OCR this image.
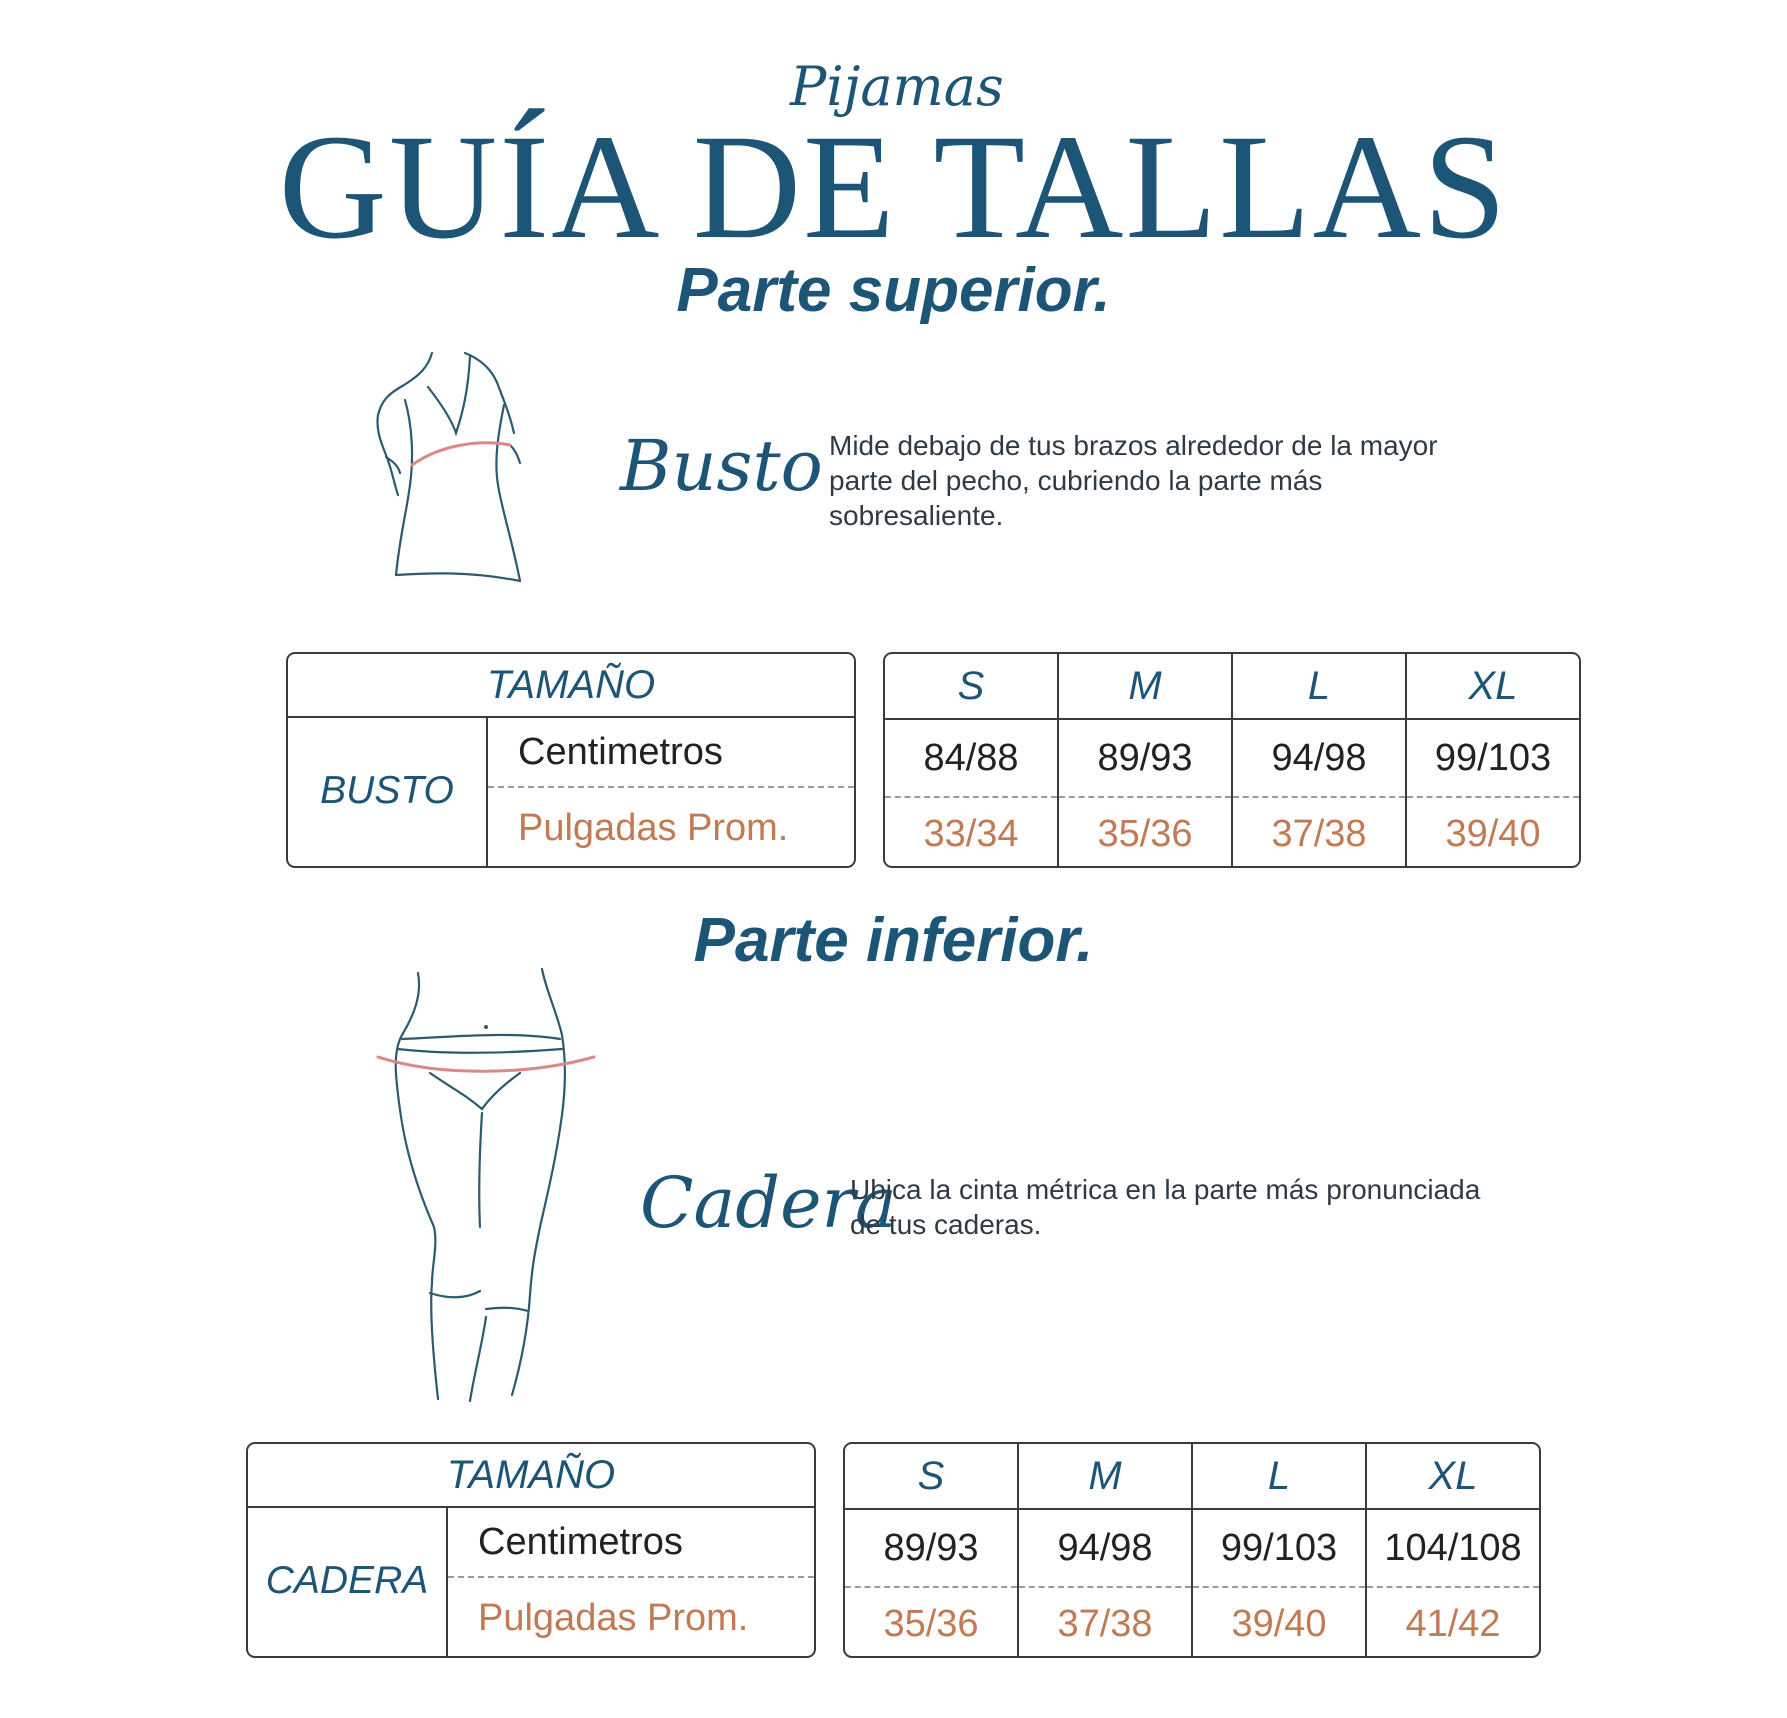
Pijamas
GUÍA DE TALLAS
Parte superior.
Busto Mide debajo de tus brazos alrededor de la mayor parte del pecho, cubriendo la parte más sobresaliente.
TAMAÑO
BUSTO
Centimetros
Pulgadas Prom.
S
84/88
33/34
M
89/93
35/36
L
94/98
37/38
XL
99/103
39/40
Parte inferior.
Cadera
Ubica la cinta métrica en la parte más pronunciada de tus caderas.
TAMAÑO
CADERA
Centimetros
Pulgadas Prom.
S
89/93
35/36
M
94/98
37/38
L
99/103
39/40
XL
104/108
41/42
